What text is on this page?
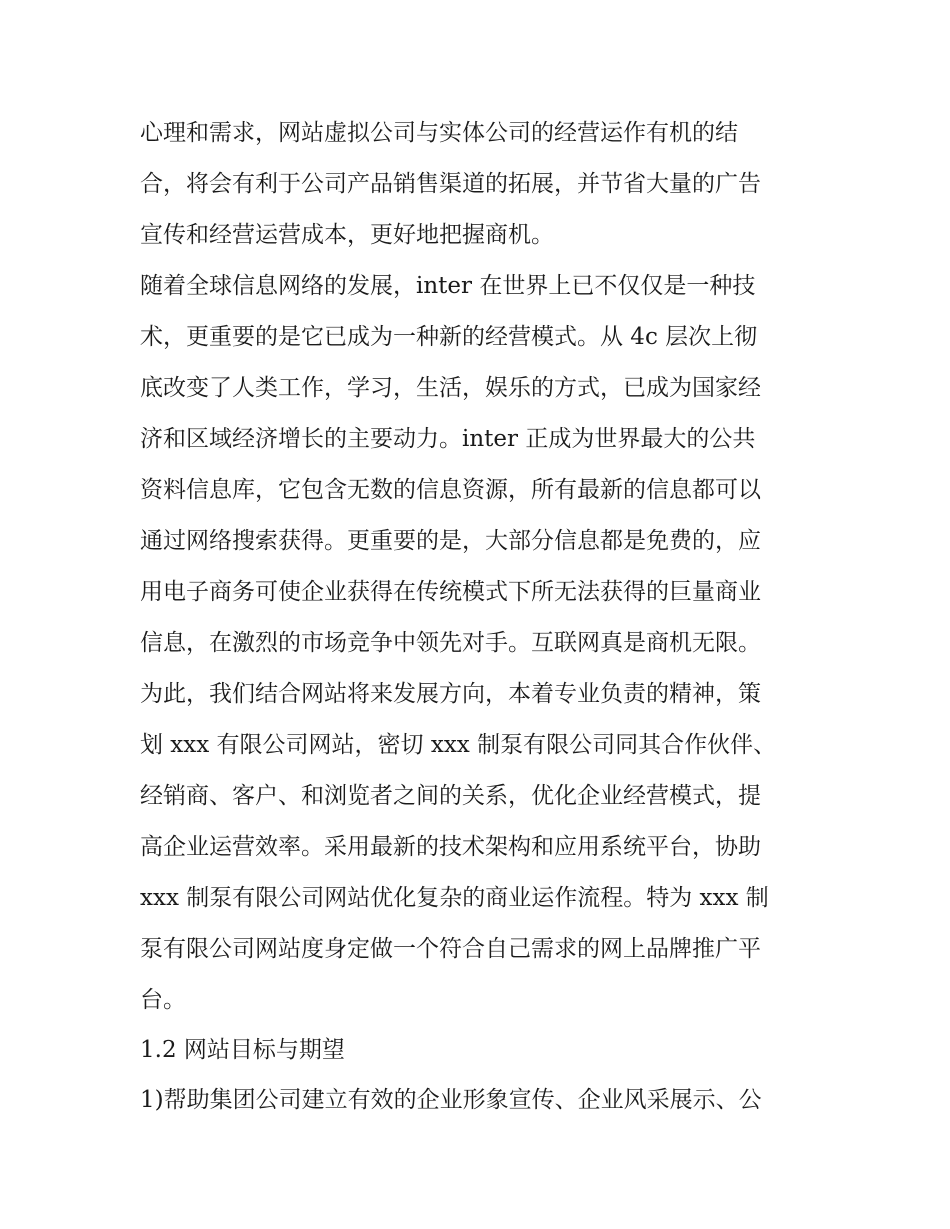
心理和需求，网站虚拟公司与实体公司的经营运作有机的结
合，将会有利于公司产品销售渠道的拓展，并节省大量的广告
宣传和经营运营成本，更好地把握商机。
随着全球信息网络的发展，inter 在世界上已不仅仅是一种技
术，更重要的是它已成为一种新的经营模式。从 4c 层次上彻
底改变了人类工作，学习，生活，娱乐的方式，已成为国家经
济和区域经济增长的主要动力。inter 正成为世界最大的公共
资料信息库，它包含无数的信息资源，所有最新的信息都可以
通过网络搜索获得。更重要的是，大部分信息都是免费的，应
用电子商务可使企业获得在传统模式下所无法获得的巨量商业
信息，在激烈的市场竞争中领先对手。互联网真是商机无限。
为此，我们结合网站将来发展方向，本着专业负责的精神，策
划 xxx 有限公司网站，密切 xxx 制泵有限公司同其合作伙伴、
经销商、客户、和浏览者之间的关系，优化企业经营模式，提
高企业运营效率。采用最新的技术架构和应用系统平台，协助
xxx 制泵有限公司网站优化复杂的商业运作流程。特为 xxx 制
泵有限公司网站度身定做一个符合自己需求的网上品牌推广平
台。
1.2 网站目标与期望
1)帮助集团公司建立有效的企业形象宣传、企业风采展示、公
